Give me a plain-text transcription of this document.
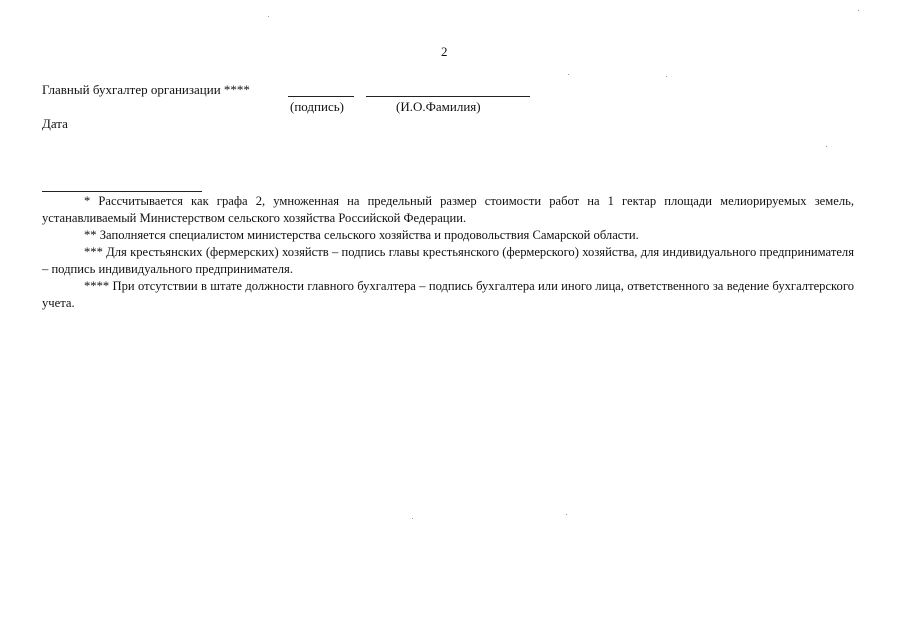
2
Главный бухгалтер организации ****
(подпись)	(И.О.Фамилия)
Дата

* Рассчитывается как графа 2, умноженная на предельный размер стоимости работ на 1 гектар площади мелиорируемых земель, устанавливаемый Министерством сельского хозяйства Российской Федерации.

** Заполняется специалистом министерства сельского хозяйства и продовольствия Самарской области.

*** Для крестьянских (фермерских) хозяйств – подпись главы крестьянского (фермерского) хозяйства, для индивидуального предпринимателя – подпись индивидуального предпринимателя.

**** При отсутствии в штате должности главного бухгалтера – подпись бухгалтера или иного лица, ответственного за ведение бухгалтерского учета.
